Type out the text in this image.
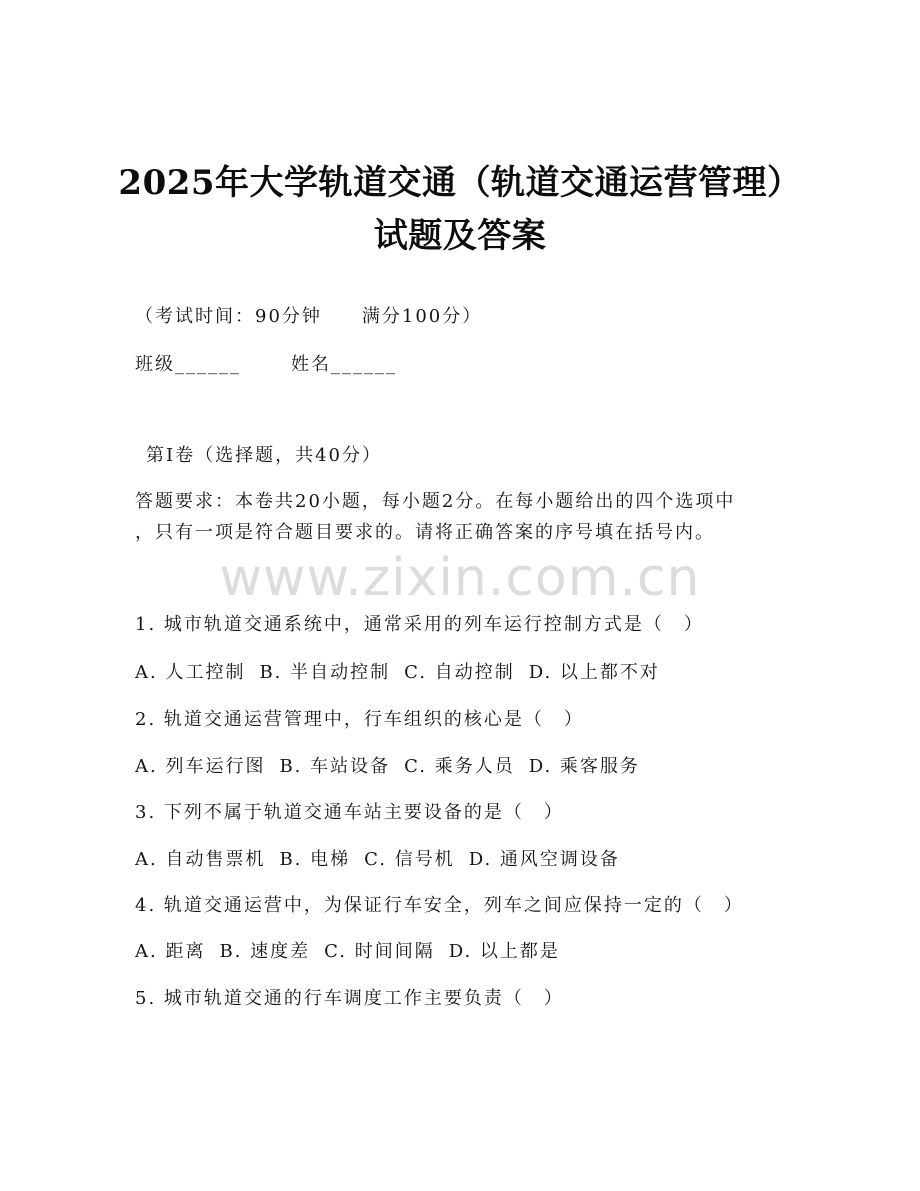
2025年大学轨道交通（轨道交通运营管理）
试题及答案
（考试时间：90分钟 满分100分）
班级______	姓名______
第I卷（选择题，共40分）
答题要求：本卷共20小题，每小题2分。在每小题给出的四个选项中
，只有一项是符合题目要求的。请将正确答案的序号填在括号内。
www.zixin.com.cn
1. 城市轨道交通系统中，通常采用的列车运行控制方式是（　）
A. 人工控制 B. 半自动控制 C. 自动控制 D. 以上都不对
2. 轨道交通运营管理中，行车组织的核心是（　）
A. 列车运行图 B. 车站设备 C. 乘务人员 D. 乘客服务
3. 下列不属于轨道交通车站主要设备的是（　）
A. 自动售票机 B. 电梯 C. 信号机 D. 通风空调设备
4. 轨道交通运营中，为保证行车安全，列车之间应保持一定的（　）
A. 距离 B. 速度差 C. 时间间隔 D. 以上都是
5. 城市轨道交通的行车调度工作主要负责（　）
